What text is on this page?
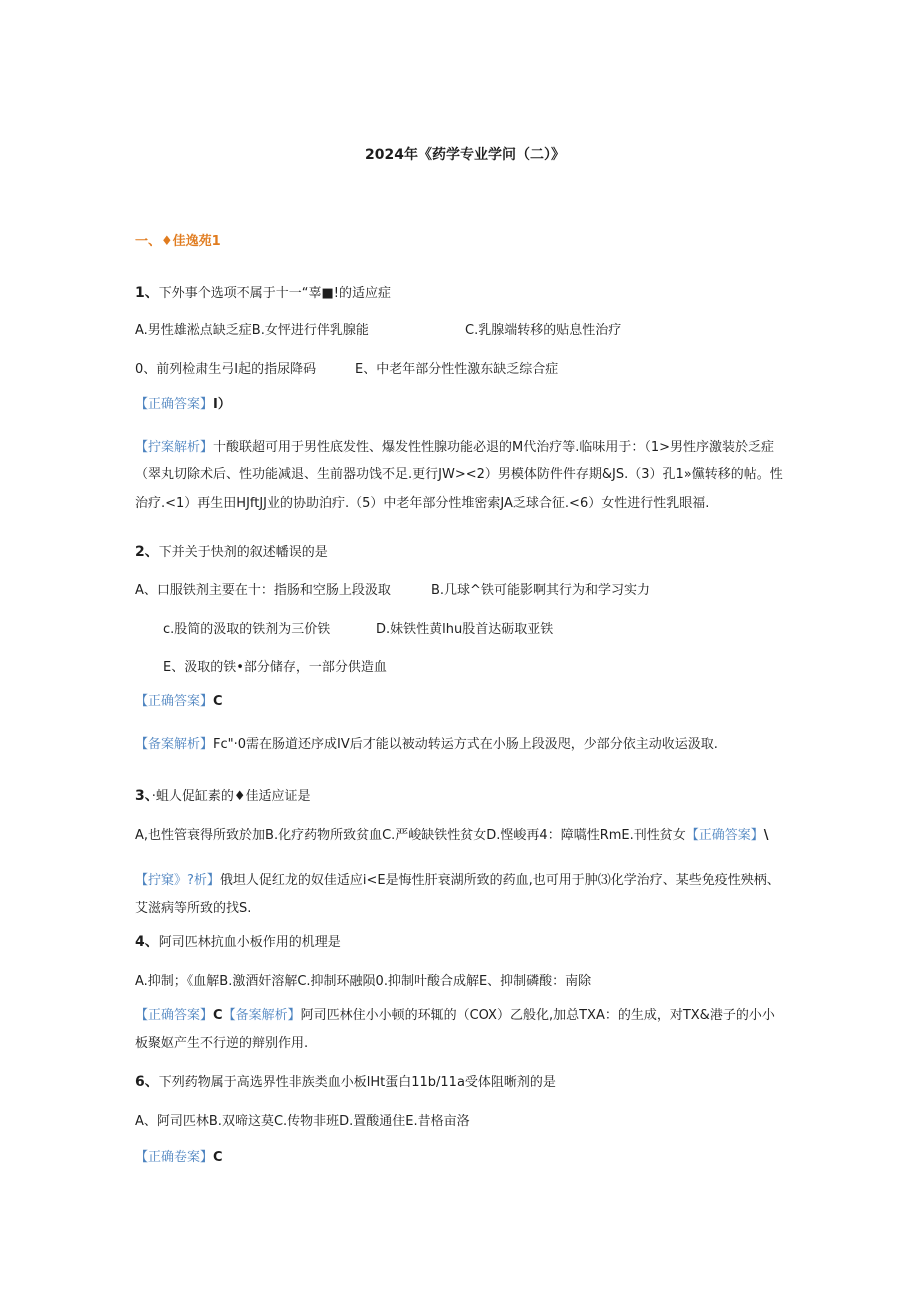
2024年《药学专业学问（二）》
一、♦佳逸苑1
1、下外事个选项不属于十一“辜■!的适应症
A.男性雄淞点缺乏症B.女怦进行伴乳腺能	C.乳腺端转移的贴息性治疗
0、前列检肃生弓I起的指尿降码	E、中老年部分性性激东缺乏综合症
【正确答案】I）
【拧案解析】十酸联超可用于男性底发性、爆发性性腺功能必退的M代治疗等.临味用于：（1>男性序激装於乏症
（翠丸切除术后、性功能减退、生前器功饯不足.更行JW><2）男模体防件件存期&JS.（3）孔1»儻转移的帖。性
治疗.<1）再生田HJftJJ业的协助泊疔.（5）中老年部分性堆密索JA乏球合征.<6）女性进行性乳眼福.
2、下并关于快剂的叙述幡误的是
A、口服铁剂主要在十：指肠和空肠上段汲取	B.几球^铁可能影啊其行为和学习实力
c.股简的汲取的铁剂为三价铁	D.妹铁性黄lhu股首达砺取亚铁
E、汲取的铁•部分储存，一部分供造血
【正确答案】C
【备案解析】Fc"·0需在肠道还序成IV后才能以被动转运方式在小肠上段汲咫，少部分依主动收运汲取.
3、·蛆人促缸素的♦佳适应证是
A,也性管衰得所致於加B.化疗药物所致贫血C.严峻缺铁性贫女D.悭峻再4：障嚆性RmE.刊性贫女【正确答案】\
【拧窠》?析】俄坦人促红龙的奴佳适应i<E是悔性肝衰湖所致的药血,也可用于肿⑶化学治疗、某些免疫性殃柄、
艾滋病等所致的找S.
4、阿司匹林抗血小板作用的机理是
A.抑制；《血解B.激酒奸溶解C.抑制环融陨0.抑制叶酸合成解E、抑制磷酸：南除
【正确答案】C【备案解析】阿司匹林住小小顿的环辄的（COX）乙般化,加总TXA：的生成，对TX&港子的小小
板聚妪产生不行逆的辩别作用.
6、下列药物属于高选界性非族类血小板lHt蛋白11b/11a受体阻晰剂的是
A、阿司匹林B.双啼这莫C.传物非班D.置酸通住E.昔格亩洛
【正确卷案】C
